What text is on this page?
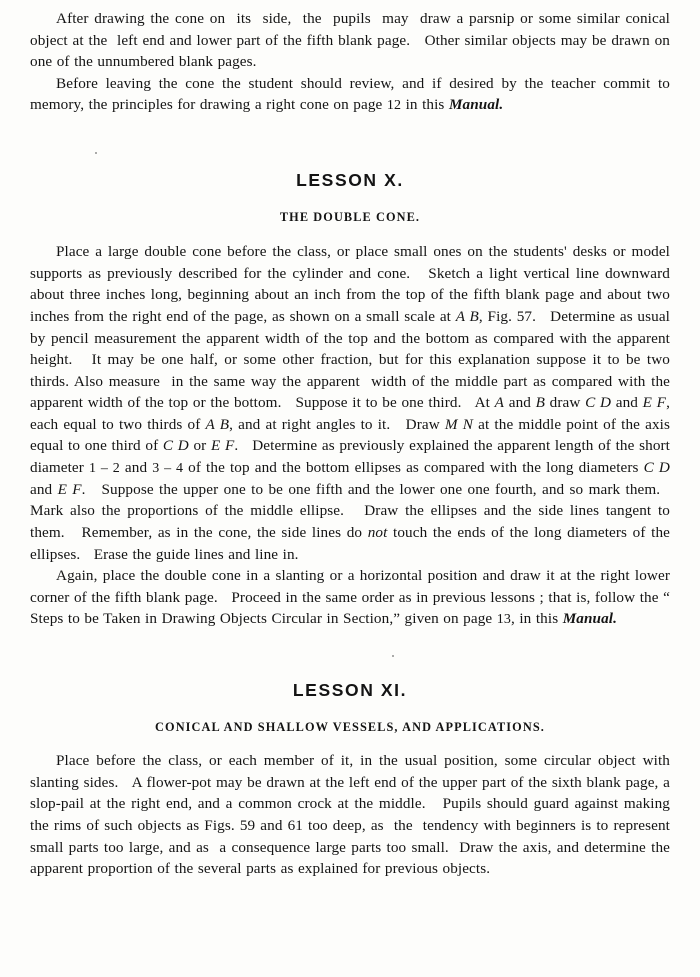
After drawing the cone on  its  side,  the  pupils  may  draw a parsnip or some similar conical object at the  left end and lower part of the fifth blank page.   Other similar objects may be drawn on one of the unnumbered blank pages.

Before leaving the cone the student should review, and if desired by the teacher commit to memory, the principles for drawing a right cone on page 12 in this Manual.

LESSON X.
THE DOUBLE CONE.

Place a large double cone before the class, or place small ones on the students' desks or model supports as previously described for the cylinder and cone.   Sketch a light vertical line downward about three inches long, beginning about an inch from the top of the fifth blank page and about two inches from the right end of the page, as shown on a small scale at A B, Fig. 57.   Determine as usual by pencil measurement the apparent width of the top and the bottom as compared with the apparent height.   It may be one half, or some other fraction, but for this explanation suppose it to be two thirds. Also measure  in the same way the apparent  width of the middle part as compared with the apparent width of the top or the bottom.   Suppose it to be one third.   At A and B draw C D and E F, each equal to two thirds of A B, and at right angles to it.   Draw M N at the middle point of the axis equal to one third of C D or E F.   Determine as previously explained the apparent length of the short diameter 1 – 2 and 3 – 4 of the top and the bottom ellipses as compared with the long diameters C D and E F.   Suppose the upper one to be one fifth and the lower one one fourth, and so mark them.   Mark also the proportions of the middle ellipse.   Draw the ellipses and the side lines tangent to them.   Remember, as in the cone, the side lines do not touch the ends of the long diameters of the ellipses.   Erase the guide lines and line in.

Again, place the double cone in a slanting or a horizontal position and draw it at the right lower corner of the fifth blank page.   Proceed in the same order as in previous lessons ; that is, follow the “ Steps to be Taken in Drawing Objects Circular in Section,” given on page 13, in this Manual.

LESSON XI.
CONICAL AND SHALLOW VESSELS, AND APPLICATIONS.

Place before the class, or each member of it, in the usual position, some circular object with slanting sides.   A flower-pot may be drawn at the left end of the upper part of the sixth blank page, a slop-pail at the right end, and a common crock at the middle.   Pupils should guard against making the rims of such objects as Figs. 59 and 61 too deep, as  the  tendency with beginners is to represent small parts too large, and as  a consequence large parts too small.  Draw the axis, and determine the apparent proportion of the several parts as explained for previous objects.
